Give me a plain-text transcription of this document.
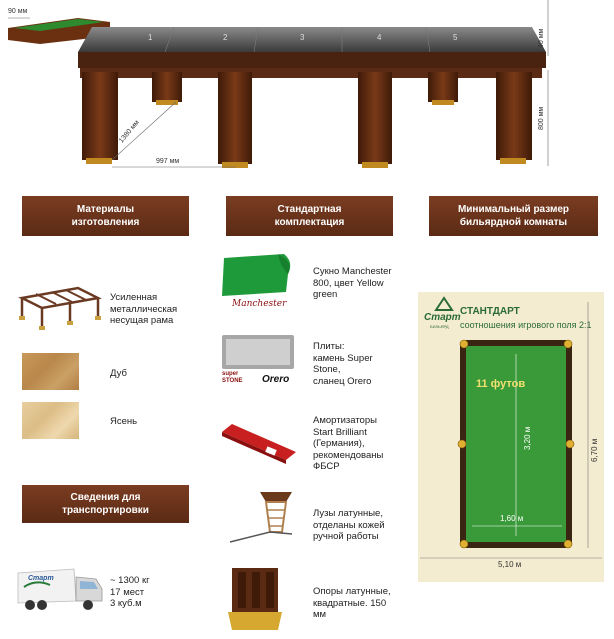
1	2	3	4	5
90 мм
997 мм
1380 мм
40 мм
800 мм
Материалы
изготовления
Стандартная
комплектация
Минимальный размер
бильярдной комнаты
Усиленная
металлическая
несущая рама
Дуб
Ясень
Сведения для
транспортировки
Старт	~ 1300 кг
17 мест
3 куб.м
Manchester
Сукно Manchester
800, цвет Yellow
green
super
STONE Orero
Плиты:
камень Super
Stone,
сланец Orero
Амортизаторы
Start Brilliant
(Германия),
рекомендованы
ФБСР
Лузы латунные,
отделаны кожей
ручной работы
Опоры латунные,
квадратные. 150
мм
Старт
БИЛЬЯРД
СТАНТДАРТ
соотношения игрового поля 2:1
11 футов
3,20 м
1,60 м
6,70 м
5,10 м
